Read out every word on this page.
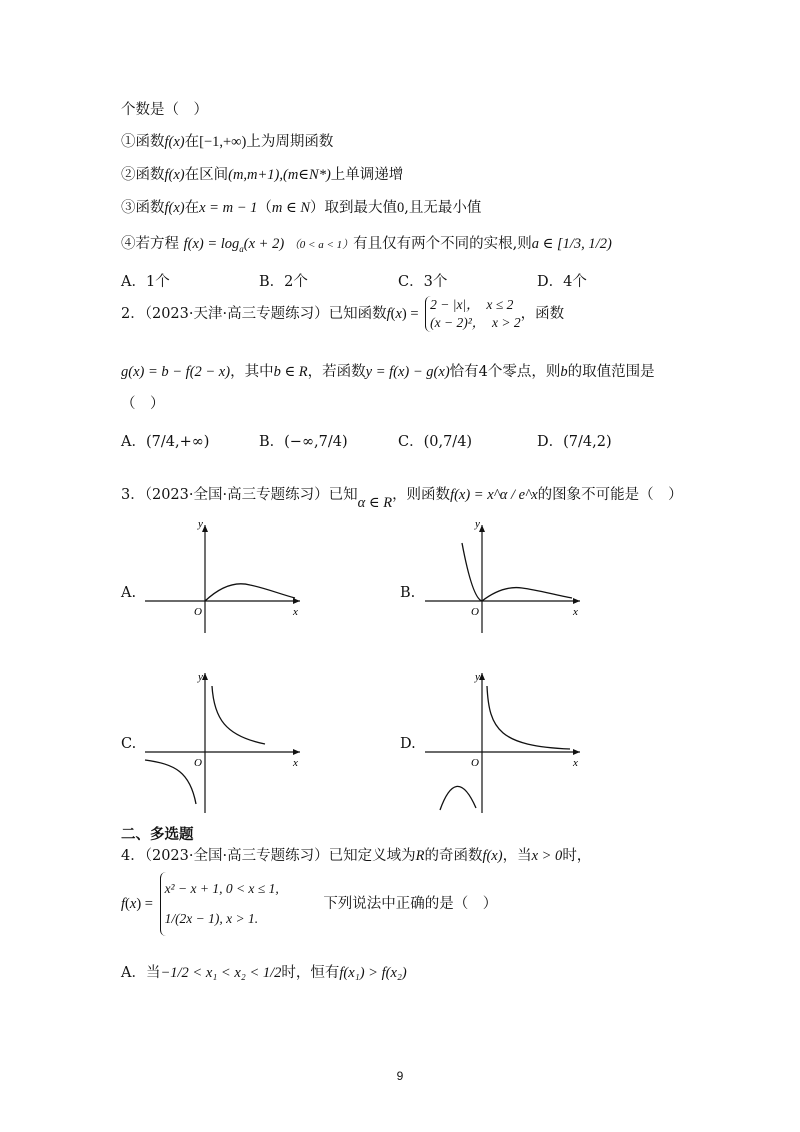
个数是（　）
①函数f(x)在[−1,+∞)上为周期函数
②函数f(x)在区间(m,m+1),(m∈N*)上单调递增
③函数f(x)在x = m − 1（m ∈ N）取到最大值0,且无最小值
④若方程 $f(x) = \log_a(x + 2) (0 < a < 1)$有且仅有两个不同的实根,则a ∈ [1/3, 1/2)
A．1个	B．2个	C．3个	D．4个
2．（2023·天津·高三专题练习）已知函数f(x) = 2 − |x|，　x ≤ 2
(x − 2)²，　x > 2，函数
g(x) = b − f(2 − x)，其中b ∈ R，若函数y = f(x) − g(x)恰有4个零点，则b的取值范围是
（　）
A．(7/4,+∞)	B．(−∞,7/4)	C．(0,7/4)	D．(7/4,2)
3．（2023·全国·高三专题练习）已知α ∈ R，则函数f(x) = x^α / e^x的图象不可能是（　）
A.	B.
C.	D.
y
x
O
y
x
O
y
x
O
y
x
O
二、多选题
4．（2023·全国·高三专题练习）已知定义域为R的奇函数f(x)，当x > 0时，
f(x) = x² − x + 1, 0 < x ≤ 1,
1/(2x − 1), x > 1. 下列说法中正确的是（　）
A．当−1/2 < x₁ < x₂ < 1/2时，恒有f(x₁) > f(x₂)
9
